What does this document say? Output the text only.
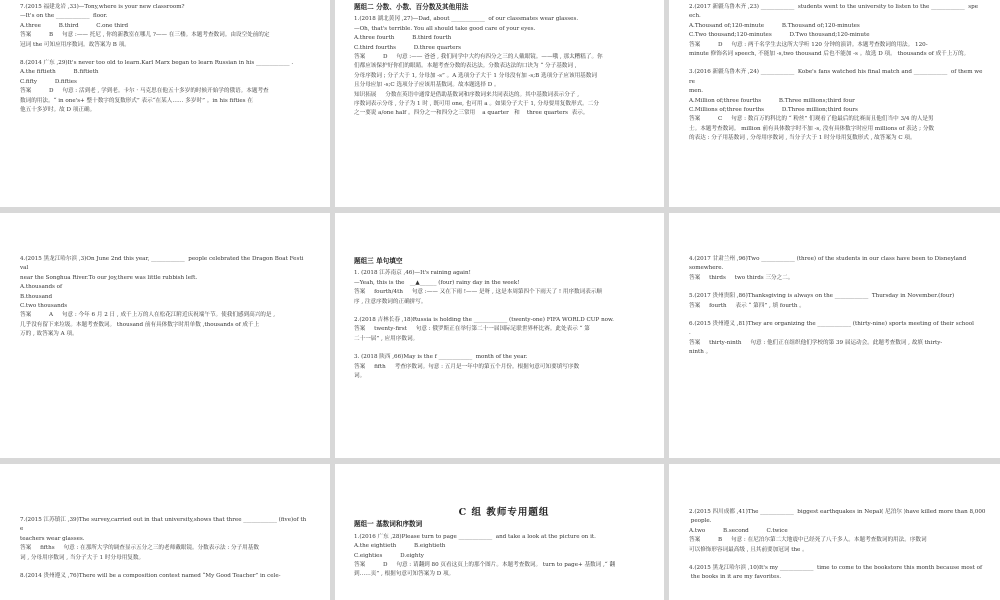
7.(2015 福建龙岩 ,33)—Tony,where is your new classroom?

—It's on the ____________  floor.

A.three          B.third          C.one third

答案          B     句意 :—— 托尼 , 你的新教室在哪儿 ?—— 在三楼。本题考查数词。由设空处前的定

冠词 the 可知应用序数词。故答案为 B 项。

8.(2014 广东 ,29)It's never too old to learn.Karl Marx began to learn Russian in his ____________ .

A.the fiftieth          B.fiftieth

C.fifty          D.fifties

答案          D     句意 : 活到老 , 学到老。卡尔 · 马克思在他五十多岁的时候开始学的俄语。本题考查

数词的用法。“ in one's+ 整十数字的复数形式” 表示“在某人…… 多岁时” 。in his fifties 在

他五十多岁时。故 D 项正确。

题组二 分数、小数、百分数及其他用法

1.(2018 湖北黄冈 ,27)—Dad, about ____________  of our classmates wear glasses.

—Oh, that's terrible. You all should take good care of your eyes.

A.three fourth          B.third fourth

C.third fourths          D.three quarters

答案          D     句意 :—— 爸爸 , 我们同学中大约有四分之三的人戴眼镜。——哦 , 那太糟糕了。你

们都应该保护好你们的眼睛。本题考查分数的表达法。分数表达法的口诀为 “ 分子基数词 ,

分母序数词 ; 分子大于 1, 分母加 -s” 。A 选项分子大于 1 分母没有加 -s;B 选项分子应该用基数词

且分母应加 -s;C 选项分子应该用基数词。故本题选择 D 。

知识拓展     分数在英语中通常是借助基数词和序数词来共同表达的。其中基数词表示分子 ,

序数词表示分母 , 分子为 1 时 , 既可用 one, 也可用 a 。如果分子大于 1, 分母要用复数形式。二分

之一要说 a/one half 。四分之一和四分之三常用    a quarter   和    three quarters  表示。

2.(2017 新疆乌鲁木齐 ,23) ____________  students went to the university to listen to the ____________  spe

ech.

A.Thousand of;120-minute          B.Thousand of;120-minutes

C.Two thousand;120-minutes          D.Two thousand;120-minute

答案          D     句意 : 两千名学生去这所大学听 120 分钟的演讲。本题考查数词的用法。 120-

minute 修饰名词 speech, 不能加 -s,two thousand 后也不能加 -s 。故选 D 项。 thousands of 成千上万的。

3.(2016 新疆乌鲁木齐 ,24) ____________  Kobe's fans watched his final match and ____________  of them we

re

men.

A.Million of;three fourths          B.Three millions;third four

C.Millions of;three fourths          D.Three million;third fours

答案          C     句意 : 数百万的科比的 “ 粉丝” 们观看了他最后的比赛而且他们当中 3/4 的人是男

士。本题考查数词。 million 前有具体数字时不加 -s, 没有具体数字时应用 millions of 表达 ; 分数

的表达 : 分子用基数词 , 分母用序数词 , 当分子大于 1 时分母用复数形式 , 故答案为 C 项。

4.(2015 黑龙江哈尔滨 ,3)On June 2nd this year, ____________  people celebrated the Dragon Boat Festi

val

near the Songhua River.To our joy,there was little rubbish left.

A.thousands of

B.thousand

C.two thousands

答案          A     句意 : 今年 6 月 2 日 , 成千上万的人在松花江附近庆祝端午节。使我们感到高兴的是 ,

几乎没有留下来垃圾。本题考查数词。 thousand 前有具体数字时用单数 ,thousands of 成千上

万的 , 故答案为 A 项。

题组三 单句填空

1. (2018 江苏南京 ,46)—It's raining again!

—Yeah, this is the   __▲______ (four) rainy day in the week!

答案     fourth/4th     句意 :—— 又在下雨 !—— 是呀 , 这是本周第四个下雨天了 ! 用序数词表示顺

序 , 注意序数词的正确拼写。

2.(2018 吉林长春 ,18)Russia is holding the ____________ (twenty-one) FIFA WORLD CUP now.

答案     twenty-first     句意 : 俄罗斯正在举行第二十一届国际足联世界杯比赛。此处表示 “ 第

二十一届” , 应用序数词。

3. (2018 陕西 ,66)May is the f ____________  month of the year.

答案     fifth     考查序数词。句意 : 五月是一年中的第五个月份。根据句意可知要填写序数

词。

4.(2017 甘肃兰州 ,96)Two ____________ (three) of the students in our class have been to Disneyland

somewhere.

答案     thirds     two thirds 三分之二。

5.(2017 贵州贵阳 ,86)Thanksgiving is always on the ____________  Thursday in November.(four)

答案     fourth     表示 “ 第四” , 填 fourth 。

6.(2015 贵州遵义 ,81)They are organizing the ____________ (thirty-nine) sports meeting of their school

.

答案     thirty-ninth     句意 : 他们正在组织他们学校的第 39 届运动会。此题考查数词 , 故填 thirty-

ninth 。

7.(2015 江苏镇江 ,39)The survey,carried out in that university,shows that three ____________ (five)of th

e

teachers wear glasses.

答案     fifths     句意 : 在那所大学的调查显示五分之三的老师戴眼镜。分数表示法 : 分子用基数

词 , 分母用序数词 , 当分子大于 1 时分母用复数。

8.(2014 贵州遵义 ,76)There will be a composition contest named “My Good Teacher” in cele-

C 组 教师专用题组
题组一 基数词和序数词

1.(2016 广东 ,28)Please turn to page ____________  and take a look at the picture on it.

A.the eightieth          B.eightieth

C.eighties          D.eighty

答案          D     句意 : 请翻到 80 页看这页上的那个图片。本题考查数词。 turn to page+ 基数词 ,“ 翻

到……页” , 根据句意可知答案为 D 项。

2.(2015 四川成都 ,41)The ____________  biggest earthquakes in Nepal( 尼泊尔 )have killed more than 8,000

people.

A.two          B.second          C.twice

答案          B     句意 : 在尼泊尔第二大地震中已经死了八千多人。本题考查数词的用法。序数词

可以修饰形容词最高级 , 且其前要加冠词 the 。

4.(2015 黑龙江哈尔滨 ,10)It's my ____________  time to come to the bookstore this month because most of

the books in it are my favorites.
